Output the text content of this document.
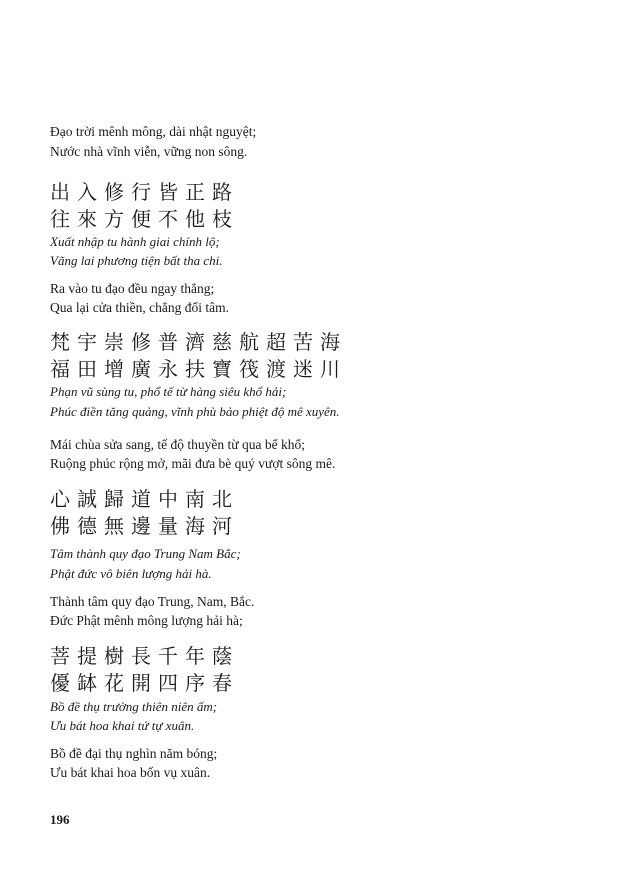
Đạo trời mênh mông, dài nhật nguyệt;
Nước nhà vĩnh viễn, vững non sông.
出入修行皆正路
往來方便不他枝
Xuất nhập tu hành giai chính lộ;
Vãng lai phương tiện bất tha chi.
Ra vào tu đạo đều ngay thẳng;
Qua lại cửa thiền, chẳng đổi tâm.
梵宇崇修普濟慈航超苦海
福田增廣永扶寶筏渡迷川
Phạn vũ sùng tu, phổ tế từ hàng siêu khổ hải;
Phúc điền tăng quảng, vĩnh phù bảo phiệt độ mê xuyên.
Mái chùa sửa sang, tế độ thuyền từ qua bể khổ;
Ruộng phúc rộng mở, mãi đưa bè quý vượt sông mê.
心誠歸道中南北
佛德無邊量海河
Tâm thành quy đạo Trung Nam Bắc;
Phật đức vô biên lượng hải hà.
Thành tâm quy đạo Trung, Nam, Bắc.
Đức Phật mênh mông lượng hải hà;
菩提樹長千年蔭
優缽花開四序春
Bồ đề thụ trường thiên niên ấm;
Ưu bát hoa khai tứ tự xuân.
Bồ đề đại thụ nghìn năm bóng;
Ưu bát khai hoa bốn vụ xuân.
196
